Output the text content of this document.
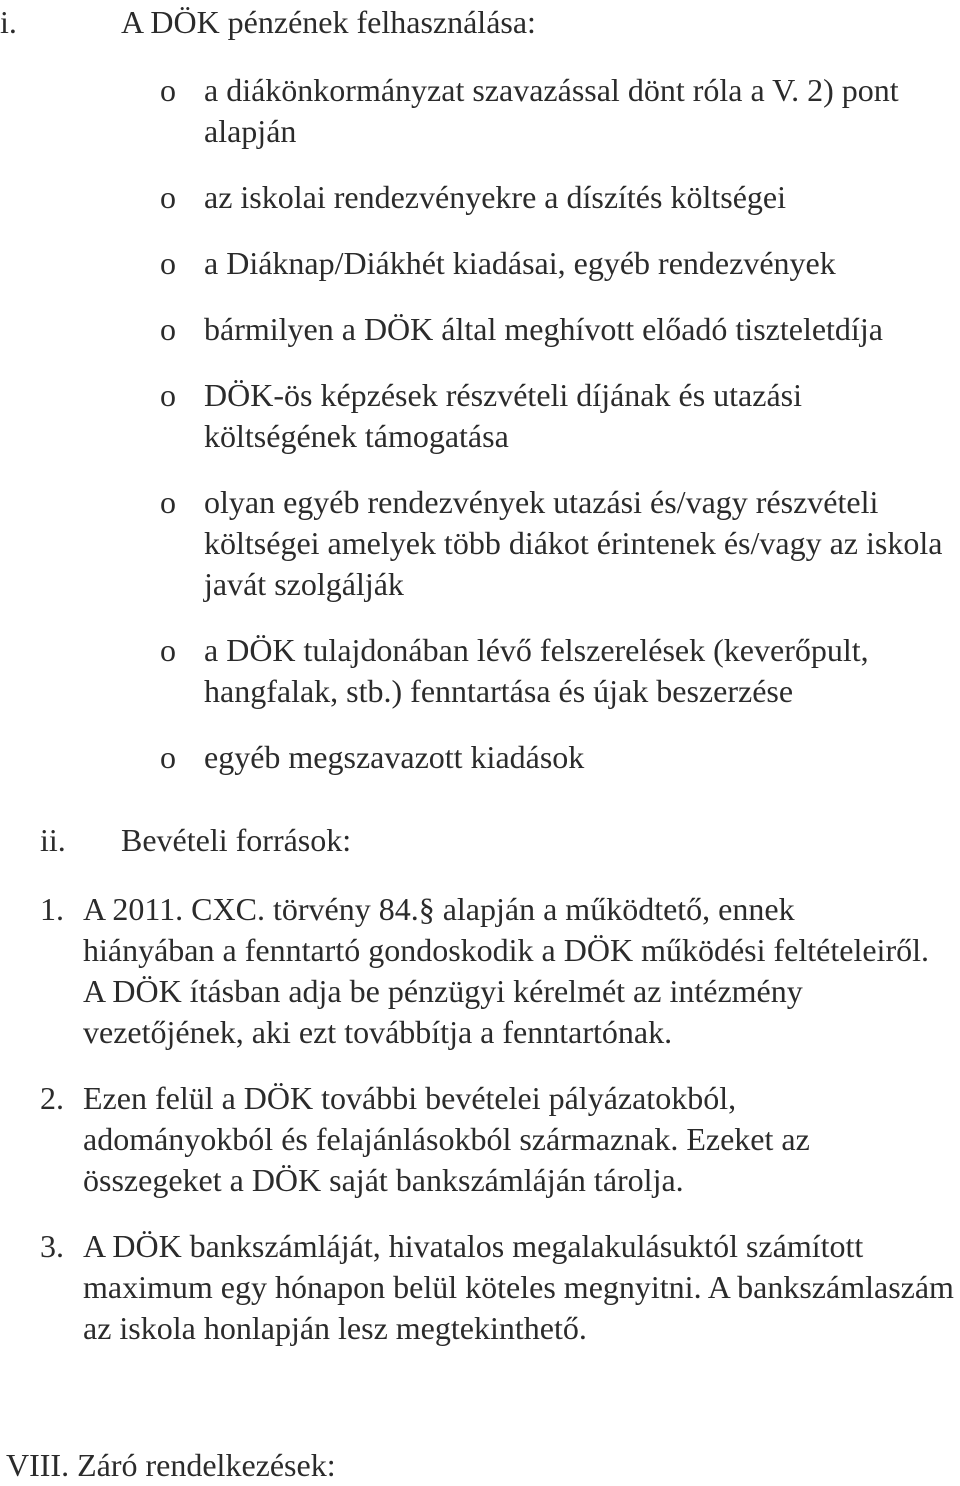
i.	A DÖK pénzének felhasználása:
o a diákönkormányzat szavazással dönt róla a V. 2) pont alapján
o az iskolai rendezvényekre a díszítés költségei
o a Diáknap/Diákhét kiadásai, egyéb rendezvények
o bármilyen a DÖK által meghívott előadó tiszteletdíja
o DÖK-ös képzések részvételi díjának és utazási költségének támogatása
o olyan egyéb rendezvények utazási és/vagy részvételi költségei amelyek több diákot érintenek és/vagy az iskola javát szolgálják
o a DÖK tulajdonában lévő felszerelések (keverőpult, hangfalak, stb.) fenntartása és újak beszerzése
o egyéb megszavazott kiadások
ii. Bevételi források:
1. A 2011. CXC. törvény 84.§ alapján a működtető, ennek hiányában a fenntartó gondoskodik a DÖK működési feltételeiről. A DÖK ításban adja be pénzügyi kérelmét az intézmény vezetőjének, aki ezt továbbítja a fenntartónak.
2. Ezen felül a DÖK további bevételei pályázatokból, adományokból és felajánlásokból származnak. Ezeket az összegeket a DÖK saját bankszámláján tárolja.
3. A DÖK bankszámláját, hivatalos megalakulásuktól számított maximum egy hónapon belül köteles megnyitni. A bankszámlaszám az iskola honlapján lesz megtekinthető.
VIII. Záró rendelkezések:
